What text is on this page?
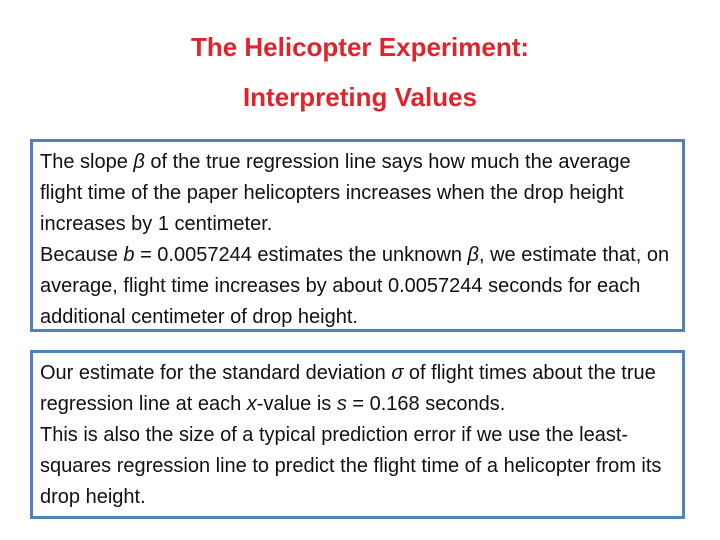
The Helicopter Experiment:
Interpreting Values

The slope β of the true regression line says how much the average flight time of the paper helicopters increases when the drop height increases by 1 centimeter.

Because b = 0.0057244 estimates the unknown β, we estimate that, on average, flight time increases by about 0.0057244 seconds for each additional centimeter of drop height.

Our estimate for the standard deviation σ of flight times about the true regression line at each x-value is s = 0.168 seconds.

This is also the size of a typical prediction error if we use the least-squares regression line to predict the flight time of a helicopter from its drop height.
